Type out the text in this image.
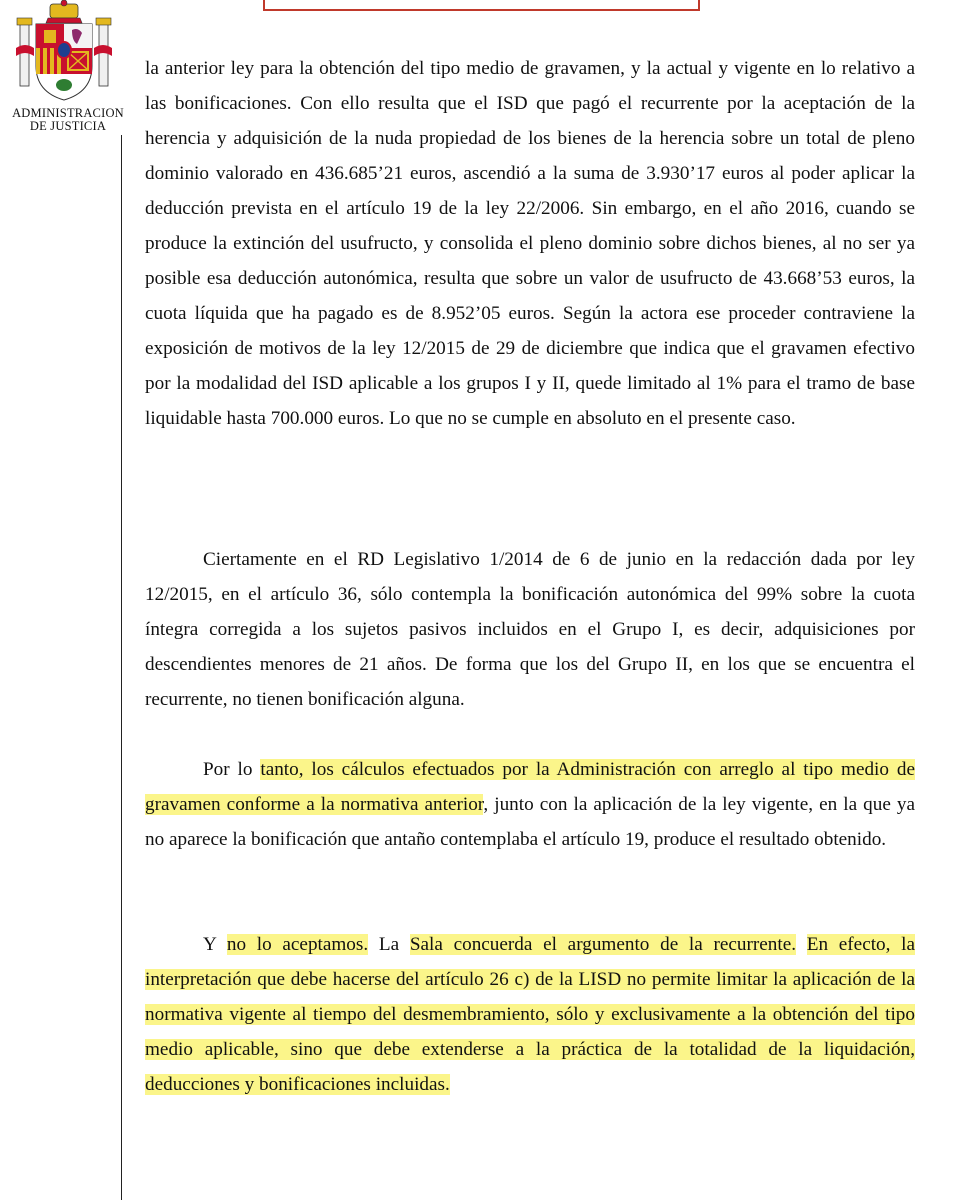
ADMINISTRACION
DE JUSTICIA

la anterior ley para la obtención del tipo medio de gravamen, y la actual y vigente en lo relativo a las bonificaciones. Con ello resulta que el ISD que pagó el recurrente por la aceptación de la herencia y adquisición de la nuda propiedad de los bienes de la herencia sobre un total de pleno dominio valorado en 436.685’21 euros, ascendió a la suma de 3.930’17 euros al poder aplicar la deducción prevista en el artículo 19 de la ley 22/2006. Sin embargo, en el año 2016, cuando se produce la extinción del usufructo, y consolida el pleno dominio sobre dichos bienes, al no ser ya posible esa deducción autonómica, resulta que sobre un valor de usufructo de 43.668’53 euros, la cuota líquida que ha pagado es de 8.952’05 euros. Según la actora ese proceder contraviene la exposición de motivos de la ley 12/2015 de 29 de diciembre que indica que el gravamen efectivo por la modalidad del ISD aplicable a los grupos I y II, quede limitado al 1% para el tramo de base liquidable hasta 700.000 euros. Lo que no se cumple en absoluto en el presente caso.

Ciertamente en el RD Legislativo 1/2014 de 6 de junio en la redacción dada por ley 12/2015, en el artículo 36, sólo contempla la bonificación autonómica del 99% sobre la cuota íntegra corregida a los sujetos pasivos incluidos en el Grupo I, es decir, adquisiciones por descendientes menores de 21 años. De forma que los del Grupo II, en los que se encuentra el recurrente, no tienen bonificación alguna.

Por lo tanto, los cálculos efectuados por la Administración con arreglo al tipo medio de gravamen conforme a la normativa anterior, junto con la aplicación de la ley vigente, en la que ya no aparece la bonificación que antaño contemplaba el artículo 19, produce el resultado obtenido.

Y no lo aceptamos. La Sala concuerda el argumento de la recurrente. En efecto, la interpretación que debe hacerse del artículo 26 c) de la LISD no permite limitar la aplicación de la normativa vigente al tiempo del desmembramiento, sólo y exclusivamente a la obtención del tipo medio aplicable, sino que debe extenderse a la práctica de la totalidad de la liquidación, deducciones y bonificaciones incluidas.
